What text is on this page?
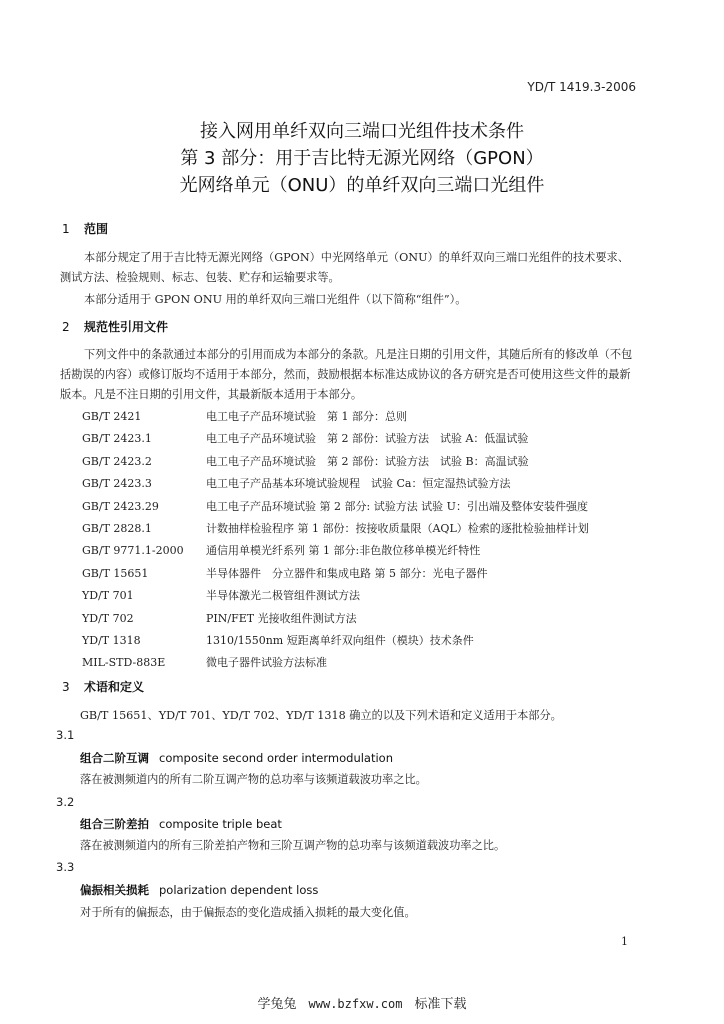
YD/T 1419.3-2006
接入网用单纤双向三端口光组件技术条件
第 3 部分：用于吉比特无源光网络（GPON）
光网络单元（ONU）的单纤双向三端口光组件
1 范围
本部分规定了用于吉比特无源光网络（GPON）中光网络单元（ONU）的单纤双向三端口光组件的技术要求、测试方法、检验规则、标志、包装、贮存和运输要求等。
本部分适用于 GPON ONU 用的单纤双向三端口光组件（以下简称“组件”）。
2 规范性引用文件
下列文件中的条款通过本部分的引用而成为本部分的条款。凡是注日期的引用文件，其随后所有的修改单（不包括勘误的内容）或修订版均不适用于本部分，然而，鼓励根据本标准达成协议的各方研究是否可使用这些文件的最新版本。凡是不注日期的引用文件，其最新版本适用于本部分。
GB/T 2421	电工电子产品环境试验　第 1 部分：总则
GB/T 2423.1	电工电子产品环境试验　第 2 部份：试验方法　试验 A：低温试验
GB/T 2423.2	电工电子产品环境试验　第 2 部份：试验方法　试验 B：高温试验
GB/T 2423.3	电工电子产品基本环境试验规程　试验 Ca：恒定湿热试验方法
GB/T 2423.29	电工电子产品环境试验 第 2 部分: 试验方法 试验 U：引出端及整体安装件强度
GB/T 2828.1	计数抽样检验程序 第 1 部份：按接收质量限（AQL）检索的逐批检验抽样计划
GB/T 9771.1-2000 通信用单模光纤系列 第 1 部分:非色散位移单模光纤特性
GB/T 15651	半导体器件　分立器件和集成电路 第 5 部分：光电子器件
YD/T 701	半导体激光二极管组件测试方法
YD/T 702	PIN/FET 光接收组件测试方法
YD/T 1318	1310/1550nm 短距离单纤双向组件（模块）技术条件
MIL-STD-883E	微电子器件试验方法标准
3 术语和定义
GB/T 15651、YD/T 701、YD/T 702、YD/T 1318 确立的以及下列术语和定义适用于本部分。
3.1
组合二阶互调 composite second order intermodulation
落在被测频道内的所有二阶互调产物的总功率与该频道载波功率之比。
3.2
组合三阶差拍 composite triple beat
落在被测频道内的所有三阶差拍产物和三阶互调产物的总功率与该频道载波功率之比。
3.3
偏振相关损耗 polarization dependent loss
对于所有的偏振态，由于偏振态的变化造成插入损耗的最大变化值。
1
学兔兔 www.bzfxw.com 标准下载
